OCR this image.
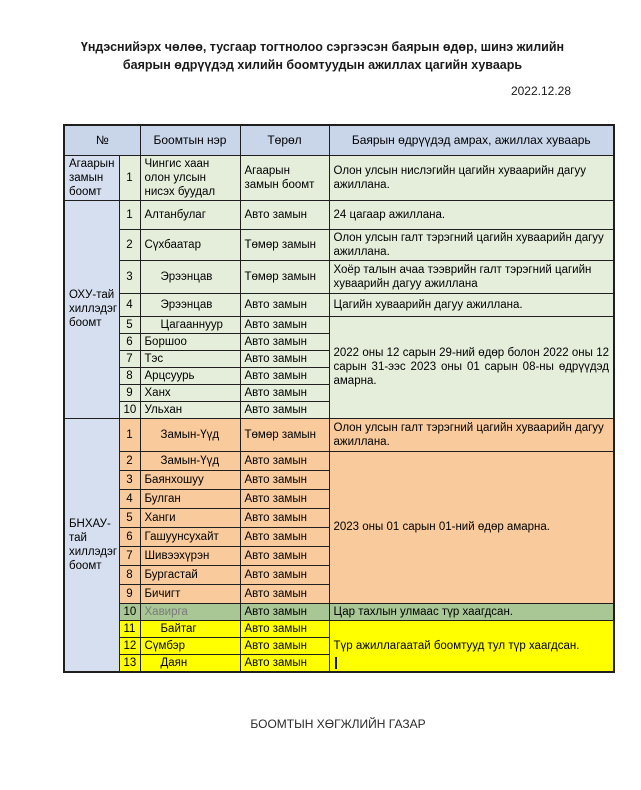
Үндэснийэрх чөлөө, тусгаар тогтнолоо сэргээсэн баярын өдөр, шинэ жилийн баярын өдрүүдэд хилийн боомтуудын ажиллах цагийн хуваарь
2022.12.28
№		Боомтын нэр	Төрөл	Баярын өдрүүдэд амрах, ажиллах хуваарь
Агаарын замын боомт	1	Чингис хаан олон улсын нисэх буудал	Агаарын замын боомт	Олон улсын нислэгийн цагийн хуваарийн дагуу ажиллана.
ОХУ-тай хиллэдэг боомт	1	Алтанбулаг	Авто замын	24 цагаар ажиллана.
	2	Сүхбаатар	Төмөр замын	Олон улсын галт тэрэгний цагийн хуваарийн дагуу ажиллана.
	3	Эрээнцав	Төмөр замын	Хоёр талын ачаа тээврийн галт тэрэгний цагийн хуваарийн дагуу ажиллана
	4	Эрээнцав	Авто замын	Цагийн хуваарийн дагуу ажиллана.
	5	Цагааннуур	Авто замын	2022 оны 12 сарын 29-ний өдөр болон 2022 оны 12 сарын 31-ээс 2023 оны 01 сарын 08-ны өдрүүдэд амарна.
	6	Боршоо	Авто замын	
	7	Тэс	Авто замын	
	8	Арцсуурь	Авто замын	
	9	Ханх	Авто замын	
	10	Ульхан	Авто замын	
БНХАУ-тай хиллэдэг боомт	1	Замын-Үүд	Төмөр замын	Олон улсын галт тэрэгний цагийн хуваарийн дагуу ажиллана.
	2	Замын-Үүд	Авто замын	2023 оны 01 сарын 01-ний өдөр амарна.
	3	Баянхошуу	Авто замын	
	4	Булган	Авто замын	
	5	Ханги	Авто замын	
	6	Гашуунсухайт	Авто замын	
	7	Шивээхүрэн	Авто замын	
	8	Бургастай	Авто замын	
	9	Бичигт	Авто замын	
	10	Хавирга	Авто замын	Цар тахлын улмаас түр хаагдсан.
	11	Байтаг	Авто замын	Түр ажиллагаатай боомтууд тул түр хаагдсан.

	12	Сүмбэр	Авто замын	
	13	Даян	Авто замын	
БООМТЫН ХӨГЖЛИЙН ГАЗАР
